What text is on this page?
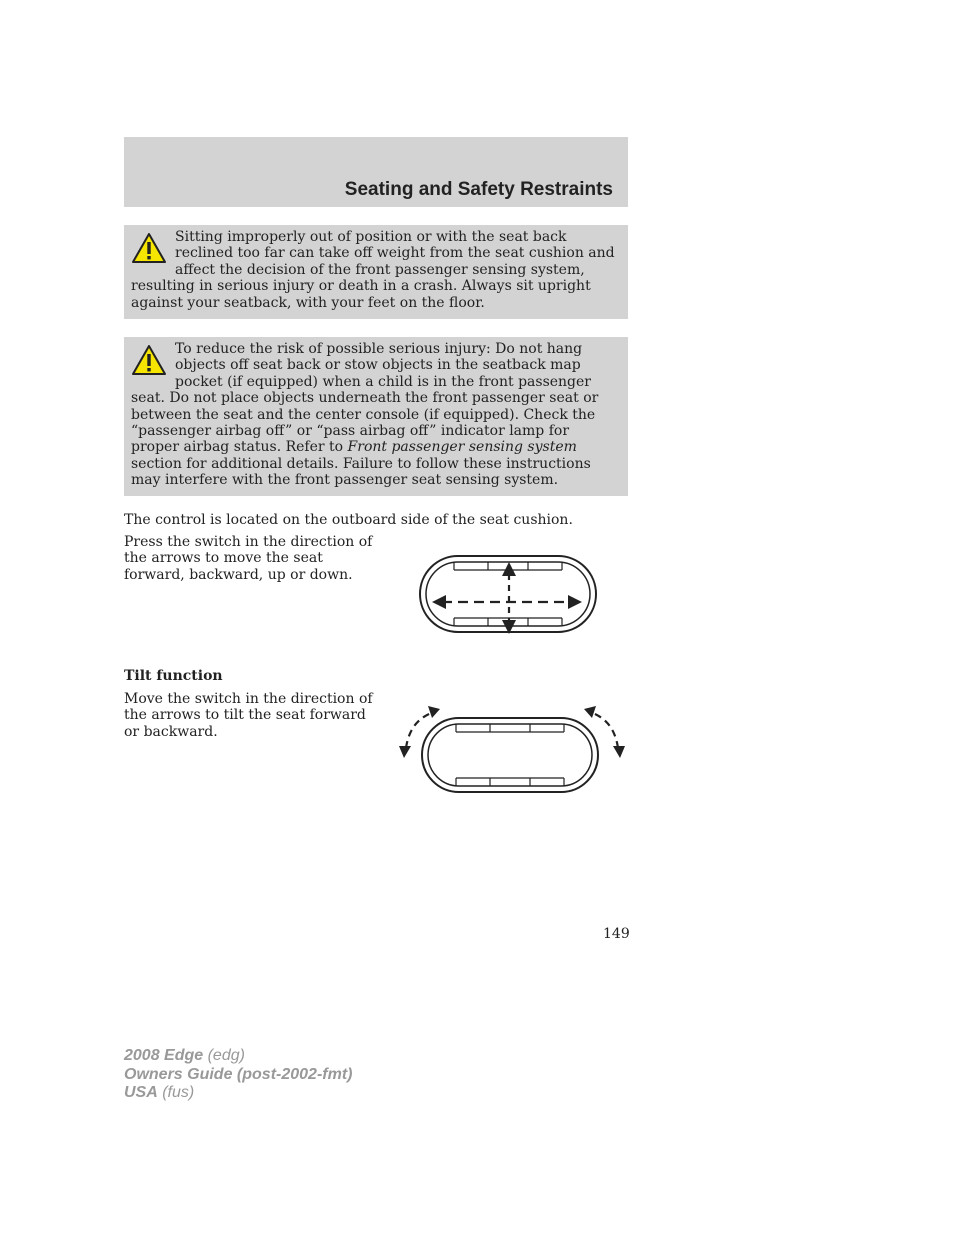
Seating and Safety Restraints
Sitting improperly out of position or with the seat back reclined too far can take off weight from the seat cushion and affect the decision of the front passenger sensing system, resulting in serious injury or death in a crash. Always sit upright against your seatback, with your feet on the floor.
To reduce the risk of possible serious injury: Do not hang objects off seat back or stow objects in the seatback map pocket (if equipped) when a child is in the front passenger seat. Do not place objects underneath the front passenger seat or between the seat and the center console (if equipped). Check the “passenger airbag off” or “pass airbag off” indicator lamp for proper airbag status. Refer to Front passenger sensing system section for additional details. Failure to follow these instructions may interfere with the front passenger seat sensing system.
The control is located on the outboard side of the seat cushion.
Press the switch in the direction of the arrows to move the seat forward, backward, up or down.
Tilt function
Move the switch in the direction of the arrows to tilt the seat forward or backward.
149
2008 Edge (edg)
Owners Guide (post-2002-fmt)
USA (fus)
